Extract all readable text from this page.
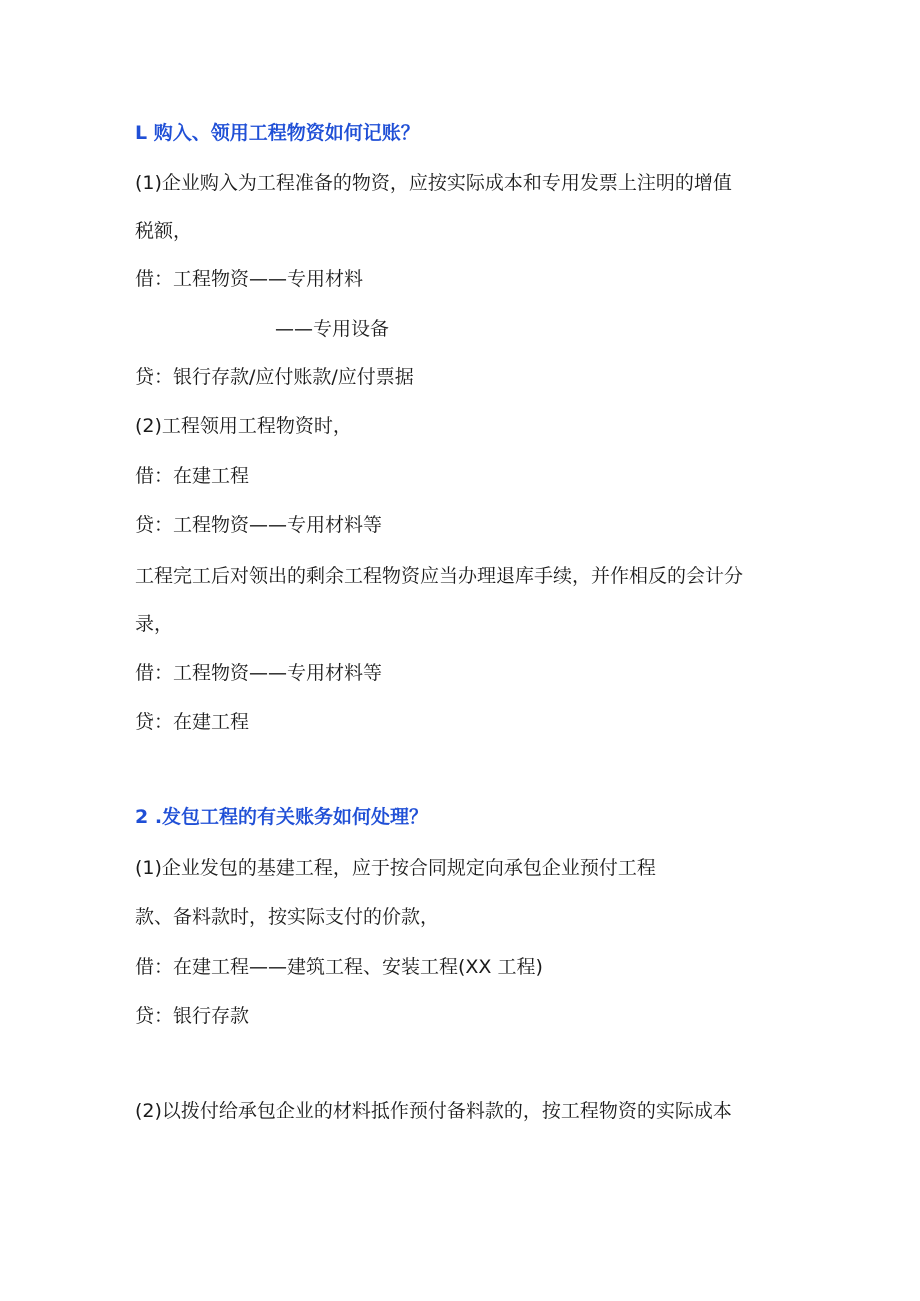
L 购入、领用工程物资如何记账？
(1)企业购入为工程准备的物资，应按实际成本和专用发票上注明的增值
税额，
借：工程物资——专用材料
——专用设备
贷：银行存款/应付账款/应付票据
(2)工程领用工程物资时，
借：在建工程
贷：工程物资——专用材料等
工程完工后对领出的剩余工程物资应当办理退库手续，并作相反的会计分
录，
借：工程物资——专用材料等
贷：在建工程
2 .发包工程的有关账务如何处理？
(1)企业发包的基建工程，应于按合同规定向承包企业预付工程
款、备料款时，按实际支付的价款，
借：在建工程——建筑工程、安装工程(XX 工程)
贷：银行存款
(2)以拨付给承包企业的材料抵作预付备料款的，按工程物资的实际成本
